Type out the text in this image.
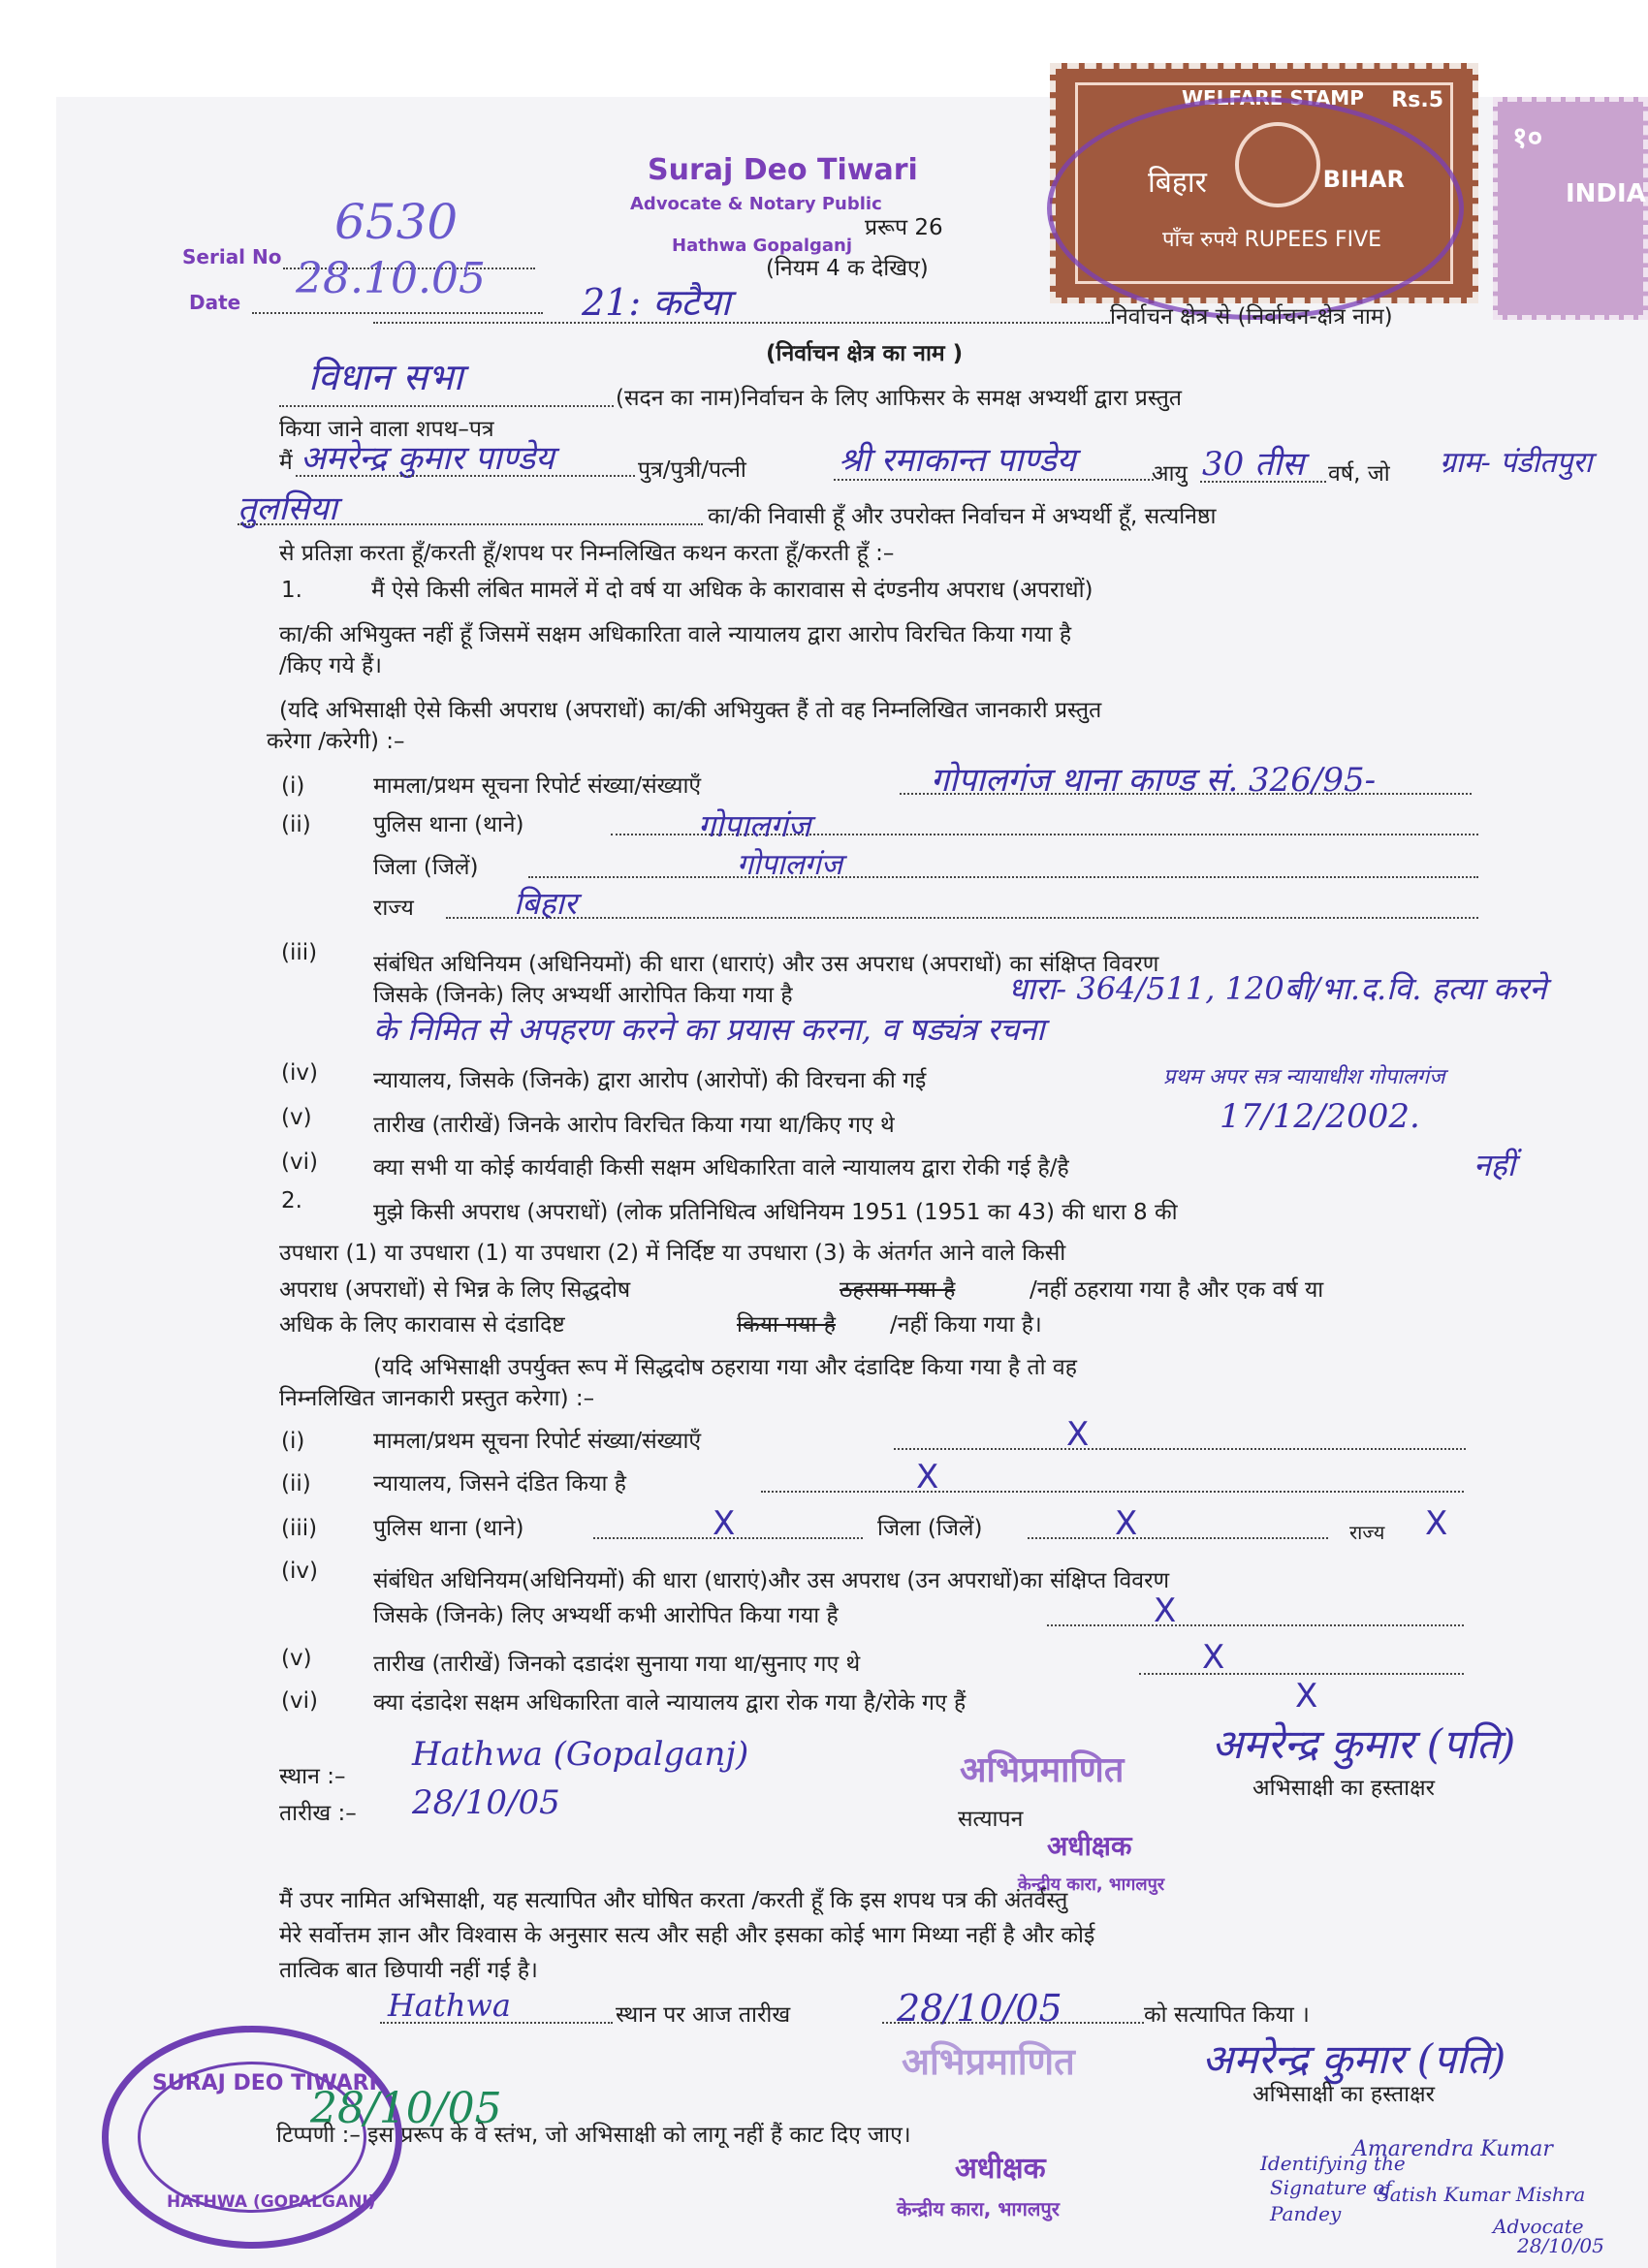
Suraj Deo Tiwari
Advocate & Notary Public
Hathwa Gopalganj
Serial No
6530
Date 28.10.05
WELFARE STAMP Rs.5
बिहार	BIHAR
पाँच रुपये RUPEES FIVE
१०
INDIA
प्ररूप 26
(नियम 4 क देखिए)
21: कटैया	निर्वाचन क्षेत्र से (निर्वाचन-क्षेत्र नाम)
(निर्वाचन क्षेत्र का नाम )
विधान सभा	(सदन का नाम)निर्वाचन के लिए आफिसर के समक्ष अभ्यर्थी द्वारा प्रस्तुत
किया जाने वाला शपथ–पत्र
मैं अमरेन्द्र कुमार पाण्डेय	पुत्र/पुत्री/पत्नी	श्री रमाकान्त पाण्डेय	आयु 30 तीस वर्ष, जो ग्राम- पंडीतपुरा
तुलसिया	का/की निवासी हूँ और उपरोक्त निर्वाचन में अभ्यर्थी हूँ, सत्यनिष्ठा
से प्रतिज्ञा करता हूँ/करती हूँ/शपथ पर निम्नलिखित कथन करता हूँ/करती हूँ :–
1.	मैं ऐसे किसी लंबित मामलें में दो वर्ष या अधिक के कारावास से दंण्डनीय अपराध (अपराधों)
का/की अभियुक्त नहीं हूँ जिसमें सक्षम अधिकारिता वाले न्यायालय द्वारा आरोप विरचित किया गया है
/किए गये हैं।
(यदि अभिसाक्षी ऐसे किसी अपराध (अपराधों) का/की अभियुक्त हैं तो वह निम्नलिखित जानकारी प्रस्तुत
करेगा /करेगी) :–
(i)	मामला/प्रथम सूचना रिपोर्ट संख्या/संख्याएँ	गोपालगंज थाना काण्ड सं. 326/95-
(ii)	पुलिस थाना (थाने)	गोपालगंज
जिला (जिलें)	गोपालगंज
राज्य	बिहार
(iii)	संबंधित अधिनियम (अधिनियमों) की धारा (धाराएं) और उस अपराध (अपराधों) का संक्षिप्त विवरण
जिसके (जिनके) लिए अभ्यर्थी आरोपित किया गया है	धारा- 364/511, 120बी/भा.द.वि. हत्या करने
के निमित से अपहरण करने का प्रयास करना, व षड्यंत्र रचना
(iv) न्यायालय, जिसके (जिनके) द्वारा आरोप (आरोपों) की विरचना की गई	प्रथम अपर सत्र न्यायाधीश गोपालगंज
(v)	तारीख (तारीखें) जिनके आरोप विरचित किया गया था/किए गए थे	17/12/2002.
(vi) क्या सभी या कोई कार्यवाही किसी सक्षम अधिकारिता वाले न्यायालय द्वारा रोकी गई है/है	नहीं
2.	मुझे किसी अपराध (अपराधों) (लोक प्रतिनिधित्व अधिनियम 1951 (1951 का 43) की धारा 8 की
उपधारा (1) या उपधारा (1) या उपधारा (2) में निर्दिष्ट या उपधारा (3) के अंतर्गत आने वाले किसी
अपराध (अपराधों) से भिन्न के लिए सिद्धदोष	ठहराया गया है	/नहीं ठहराया गया है और एक वर्ष या
अधिक के लिए कारावास से दंडादिष्ट	किया गया है /नहीं किया गया है।
(यदि अभिसाक्षी उपर्युक्त रूप में सिद्धदोष ठहराया गया और दंडादिष्ट किया गया है तो वह
निम्नलिखित जानकारी प्रस्तुत करेगा) :–
(i)	मामला/प्रथम सूचना रिपोर्ट संख्या/संख्याएँ	X
(ii)	न्यायालय, जिसने दंडित किया है	X
(iii)	पुलिस थाना (थाने)	X	जिला (जिलें)	X	राज्य X
(iv) संबंधित अधिनियम(अधिनियमों) की धारा (धाराएं)और उस अपराध (उन अपराधों)का संक्षिप्त विवरण
जिसके (जिनके) लिए अभ्यर्थी कभी आरोपित किया गया है	X
(v)	तारीख (तारीखें) जिनको दडादंश सुनाया गया था/सुनाए गए थे	X
(vi) क्या दंडादेश सक्षम अधिकारिता वाले न्यायालय द्वारा रोक गया है/रोके गए हैं	X
स्थान :–
Hathwa (Gopalganj)
तारीख :– 28/10/05
अभिप्रमाणित
अमरेन्द्र कुमार (पति)
अभिसाक्षी का हस्ताक्षर
सत्यापन
अधीक्षक
केन्द्रीय कारा, भागलपुर
मैं उपर नामित अभिसाक्षी, यह सत्यापित और घोषित करता /करती हूँ कि इस शपथ पत्र की अंतर्वस्तु
मेरे सर्वोत्तम ज्ञान और विश्वास के अनुसार सत्य और सही और इसका कोई भाग मिथ्या नहीं है और कोई
तात्विक बात छिपायी नहीं गई है।
Hathwa	स्थान पर आज तारीख	28/10/05	को सत्यापित किया ।
अभिप्रमाणित	अमरेन्द्र कुमार (पति)
अभिसाक्षी का हस्ताक्षर
अधीक्षक
केन्द्रीय कारा, भागलपुर
टिप्पणी :– इस प्ररूप के वे स्तंभ, जो अभिसाक्षी को लागू नहीं हैं काट दिए जाए।
SURAJ DEO TIWARI
HATHWA (GOPALGANJ)
28/10/05
Identifying the
Signature of
Amarendra Kumar
Pandey
Satish Kumar Mishra
Advocate
28/10/05
